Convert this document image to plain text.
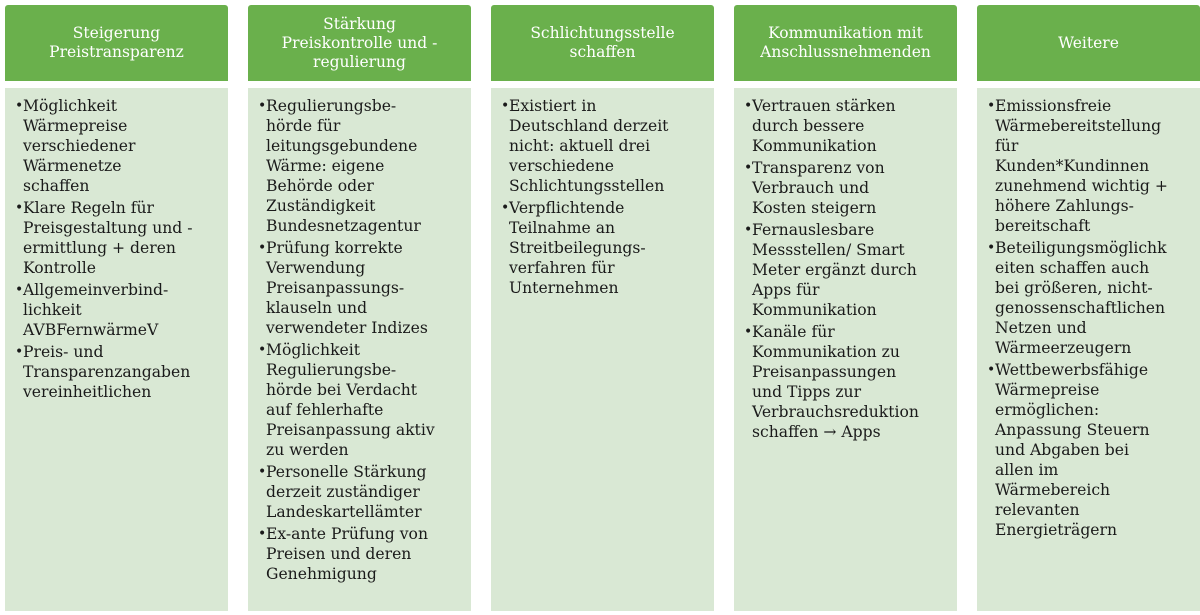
Steigerung
Preistransparenz
• Möglichkeit
Wärmepreise
verschiedener
Wärmenetze
schaffen
• Klare Regeln für
Preisgestaltung und -
ermittlung + deren
Kontrolle
• Allgemeinverbind-
lichkeit
AVBFernwärmeV
• Preis- und
Transparenzangaben
vereinheitlichen
Stärkung
Preiskontrolle und -
regulierung
• Regulierungsbe-
hörde für
leitungsgebundene
Wärme: eigene
Behörde oder
Zuständigkeit
Bundesnetzagentur
• Prüfung korrekte
Verwendung
Preisanpassungs-
klauseln und
verwendeter Indizes
• Möglichkeit
Regulierungsbe-
hörde bei Verdacht
auf fehlerhafte
Preisanpassung aktiv
zu werden
• Personelle Stärkung
derzeit zuständiger
Landeskartellämter
• Ex-ante Prüfung von
Preisen und deren
Genehmigung
Schlichtungsstelle
schaffen
• Existiert in
Deutschland derzeit
nicht: aktuell drei
verschiedene
Schlichtungsstellen
• Verpflichtende
Teilnahme an
Streitbeilegungs-
verfahren für
Unternehmen
Kommunikation mit
Anschlussnehmenden
• Vertrauen stärken
durch bessere
Kommunikation
• Transparenz von
Verbrauch und
Kosten steigern
• Fernauslesbare
Messstellen/ Smart
Meter ergänzt durch
Apps für
Kommunikation
• Kanäle für
Kommunikation zu
Preisanpassungen
und Tipps zur
Verbrauchsreduktion
schaffen → Apps
Weitere
• Emissionsfreie
Wärmebereitstellung
für
Kunden*Kundinnen
zunehmend wichtig +
höhere Zahlungs-
bereitschaft
• Beteiligungsmöglichk
eiten schaffen auch
bei größeren, nicht-
genossenschaftlichen
Netzen und
Wärmeerzeugern
• Wettbewerbsfähige
Wärmepreise
ermöglichen:
Anpassung Steuern
und Abgaben bei
allen im
Wärmebereich
relevanten
Energieträgern
